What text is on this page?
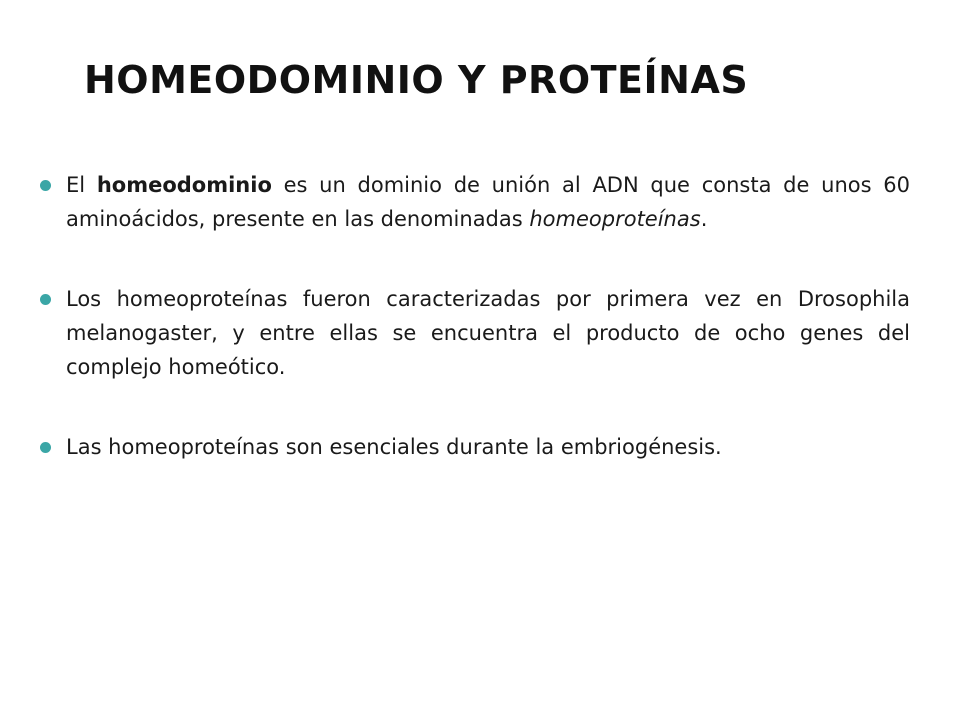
HOMEODOMINIO Y PROTEÍNAS
El homeodominio es un dominio de unión al ADN que consta de unos 60 aminoácidos, presente en las denominadas homeoproteínas.
Los homeoproteínas fueron caracterizadas por primera vez en Drosophila melanogaster, y entre ellas se encuentra el producto de ocho genes del complejo homeótico.
Las homeoproteínas son esenciales durante la embriogénesis.
